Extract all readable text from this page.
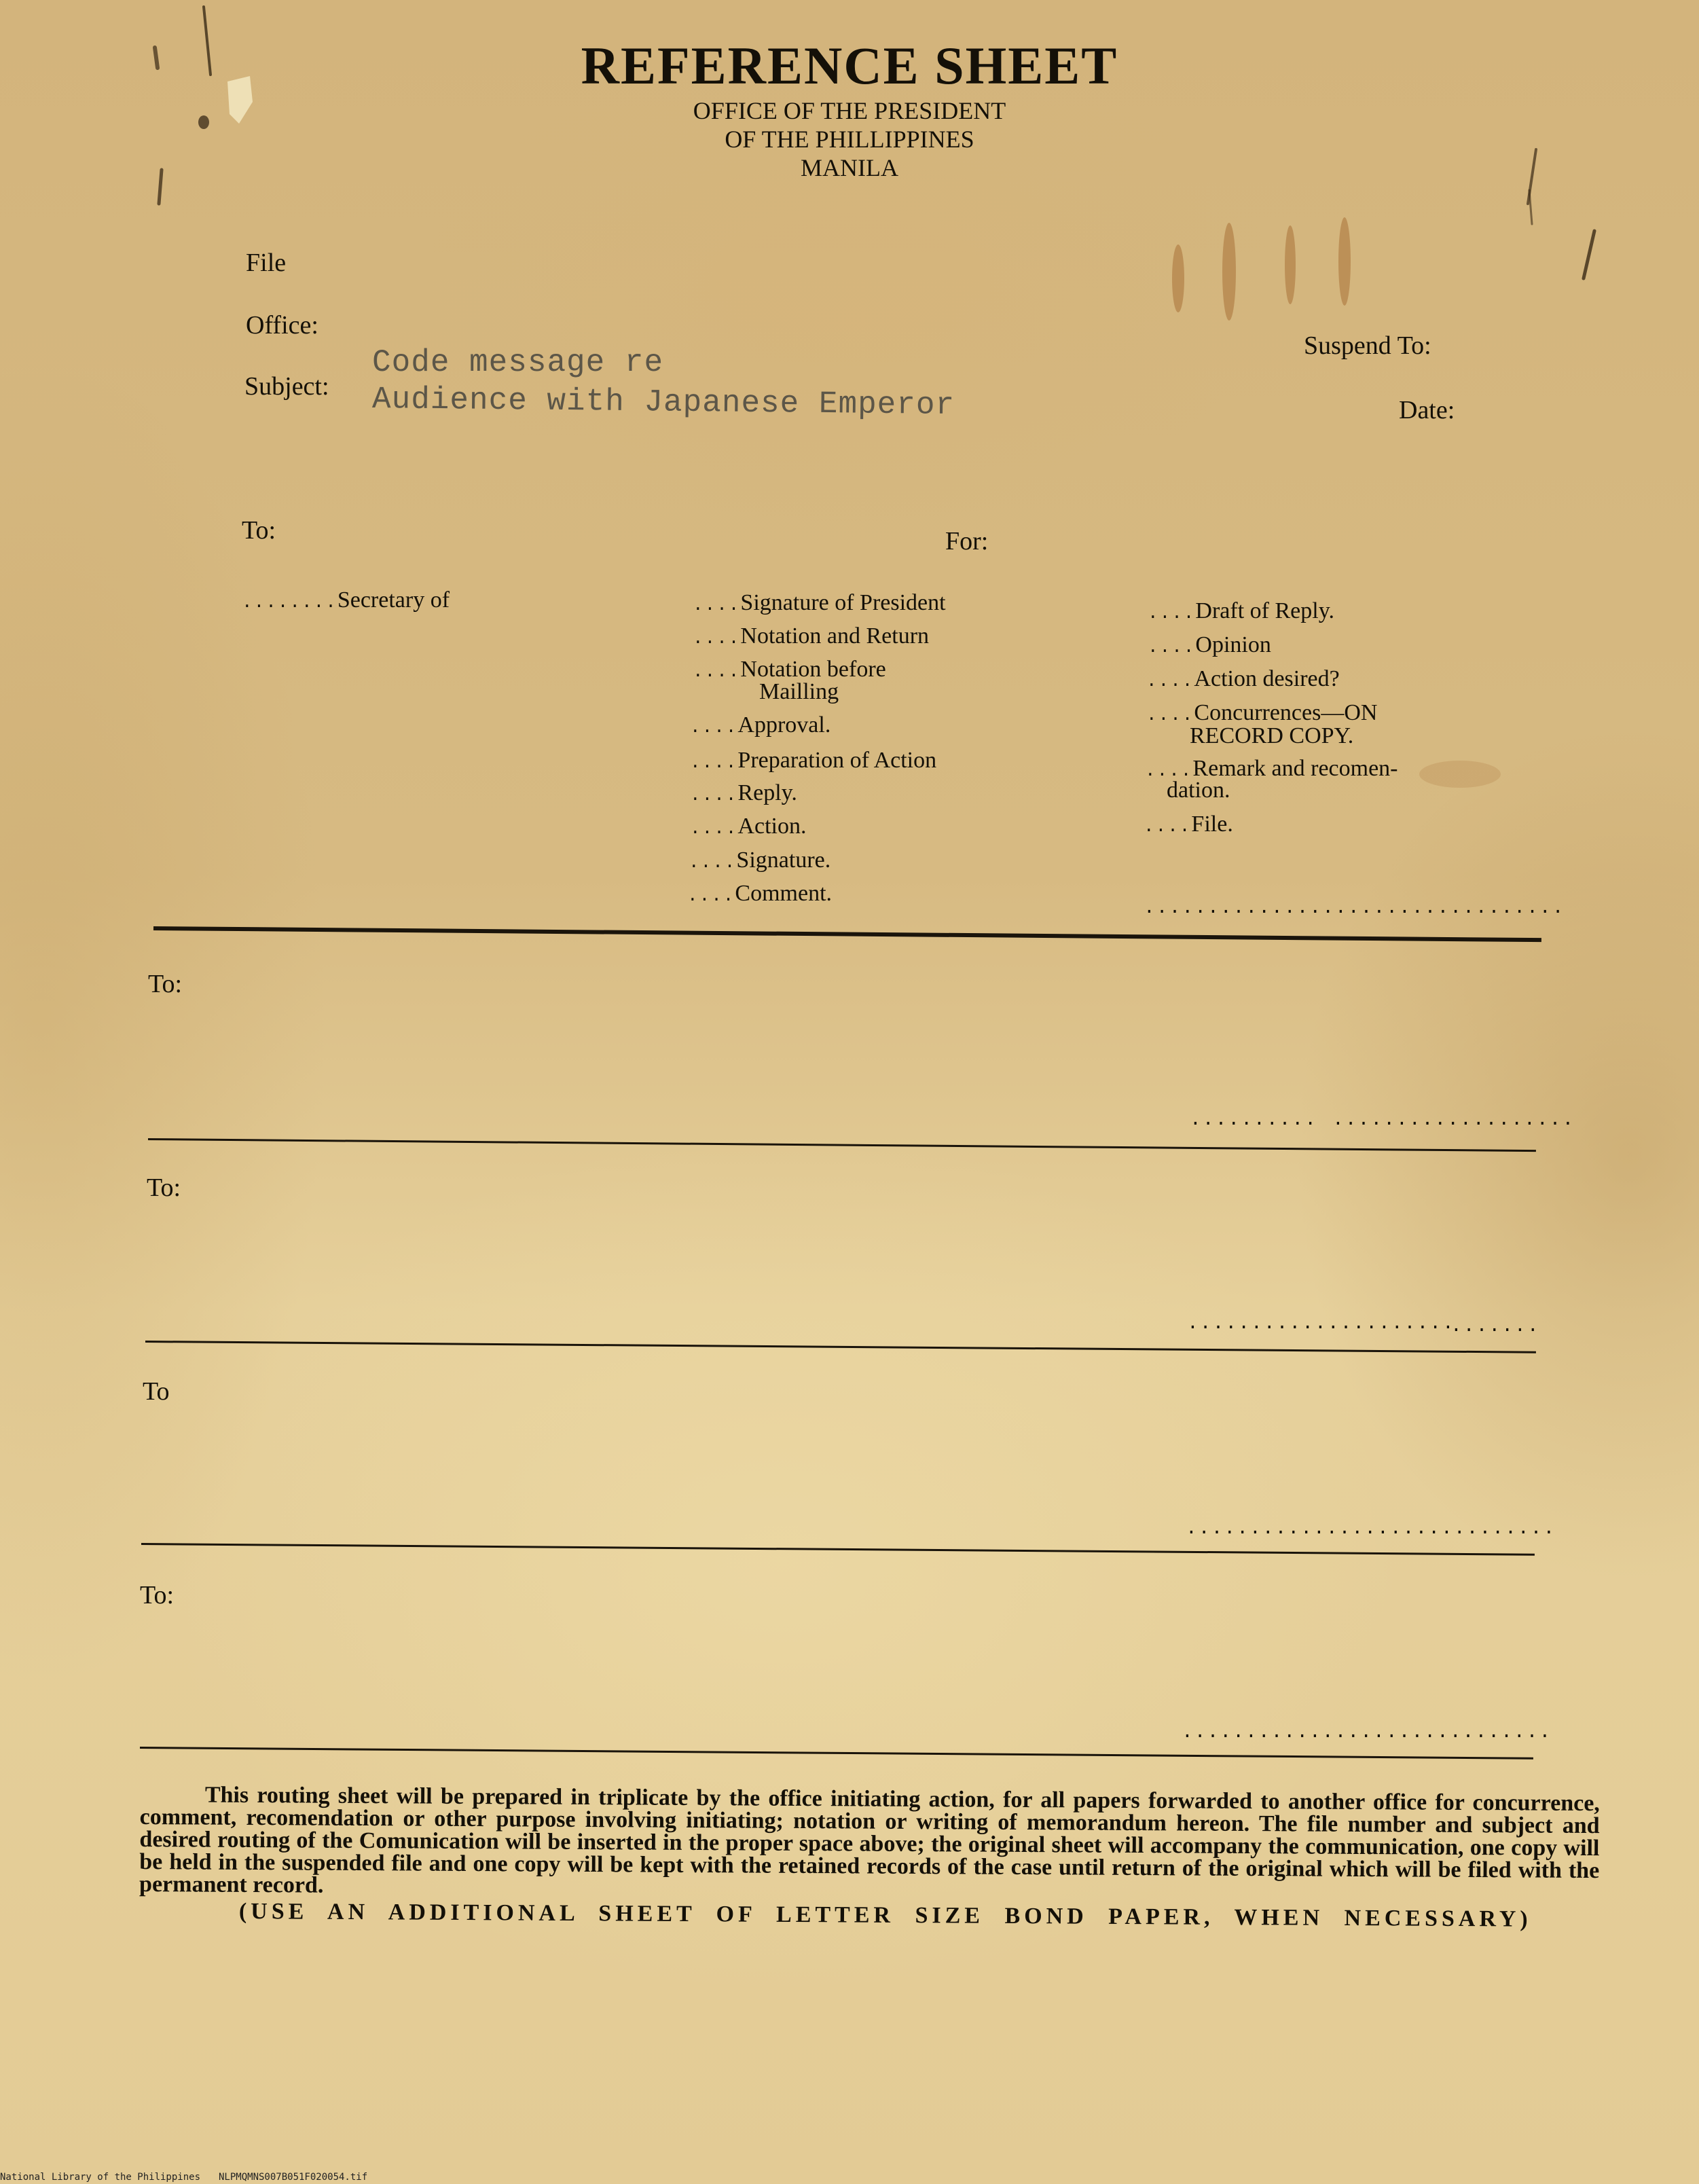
REFERENCE SHEET
OFFICE OF THE PRESIDENT
OF THE PHILLIPPINES
MANILA
File
Office:
Subject:
Code message re
Audience with Japanese Emperor
Suspend To:
Date:
To:	For:
........Secretary of	....Signature of President
....Notation and Return
....Notation before
Mailling
....Approval.
....Preparation of Action
....Reply.
....Action.
....Signature.
....Comment.
....Draft of Reply.
....Opinion
....Action desired?
....Concurrences—ON
RECORD COPY.
....Remark and recomen-
dation.
....File.
.................................
To:
.......... ...................
To:
.....................
.......
To
.............................
To:
.............................
This routing sheet will be prepared in triplicate by the office initiating action, for all papers forwarded to another office for concurrence, comment, recomendation or other purpose involving initiating; notation or writing of memorandum hereon. The file number and subject and desired routing of the Comunication will be inserted in the proper space above; the original sheet will accompany the communication, one copy will be held in the suspended file and one copy will be kept with the retained records of the case until return of the original which will be filed with the permanent record.
(USE AN ADDITIONAL SHEET OF LETTER SIZE BOND PAPER, WHEN NECESSARY)
National Library of the Philippines NLPMQMNS007B051F020054.tif
